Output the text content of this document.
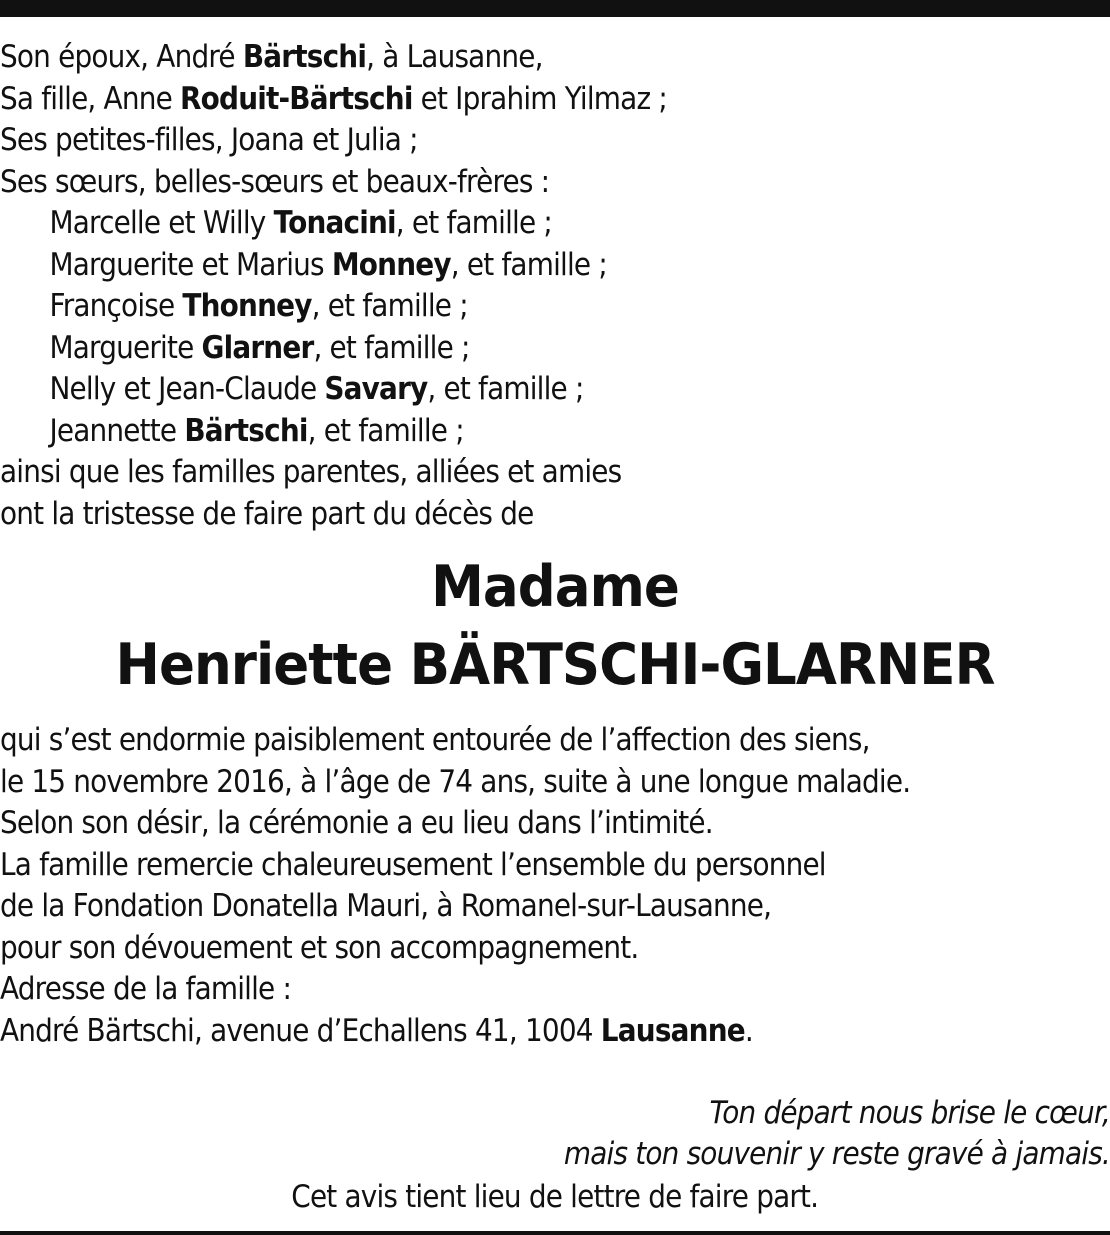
Son époux, André Bärtschi, à Lausanne,
Sa fille, Anne Roduit-Bärtschi et Iprahim Yilmaz ;
Ses petites-filles, Joana et Julia ;
Ses sœurs, belles-sœurs et beaux-frères :
Marcelle et Willy Tonacini, et famille ;
Marguerite et Marius Monney, et famille ;
Françoise Thonney, et famille ;
Marguerite Glarner, et famille ;
Nelly et Jean-Claude Savary, et famille ;
Jeannette Bärtschi, et famille ;
ainsi que les familles parentes, alliées et amies
ont la tristesse de faire part du décès de
Madame
Henriette BÄRTSCHI-GLARNER
qui s’est endormie paisiblement entourée de l’affection des siens,
le 15 novembre 2016, à l’âge de 74 ans, suite à une longue maladie.
Selon son désir, la cérémonie a eu lieu dans l’intimité.
La famille remercie chaleureusement l’ensemble du personnel
de la Fondation Donatella Mauri, à Romanel-sur-Lausanne,
pour son dévouement et son accompagnement.
Adresse de la famille :
André Bärtschi, avenue d’Echallens 41, 1004 Lausanne.
Ton départ nous brise le cœur,
mais ton souvenir y reste gravé à jamais.
Cet avis tient lieu de lettre de faire part.
